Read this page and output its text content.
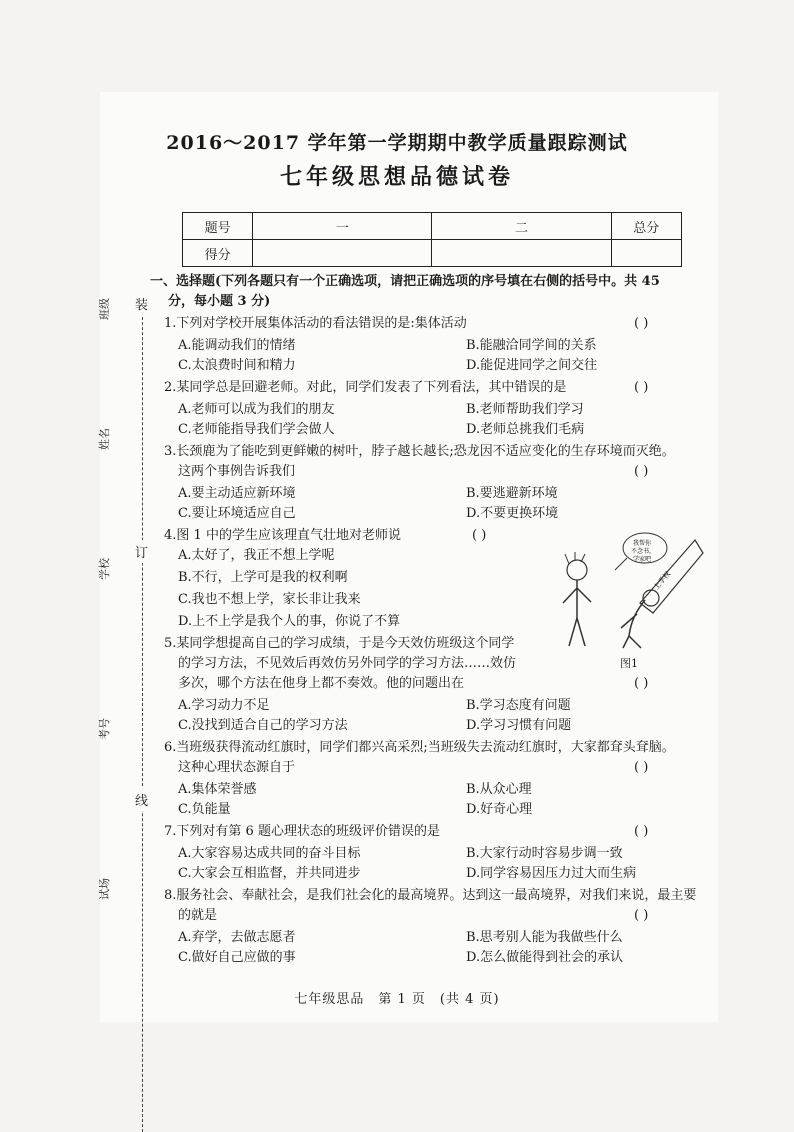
2016～2017 学年第一学期期中教学质量跟踪测试
七年级思想品德试卷
题号	一	二	总分
得分			
装
订
线
班级
姓名
学校
考号
试场
一、选择题(下列各题只有一个正确选项，请把正确选项的序号填在右侧的括号中。共 45
分，每小题 3 分)
1.下列对学校开展集体活动的看法错误的是:集体活动	( )
A.能调动我们的情绪	B.能融洽同学间的关系
C.太浪费时间和精力	D.能促进同学之间交往
2.某同学总是回避老师。对此，同学们发表了下列看法，其中错误的是	( )
A.老师可以成为我们的朋友	B.老师帮助我们学习
C.老师能指导我们学会做人	D.老师总挑我们毛病
3.长颈鹿为了能吃到更鲜嫩的树叶，脖子越长越长;恐龙因不适应变化的生存环境而灭绝。
这两个事例告诉我们	( )
A.要主动适应新环境	B.要逃避新环境
C.要让环境适应自己	D.不要更换环境
4.图 1 中的学生应该理直气壮地对老师说	( )
A.太好了，我正不想上学呢
B.不行，上学可是我的权利啊
C.我也不想上学，家长非让我来
D.上不上学是我个人的事，你说了不算
我帮你
不念书，
学家吧
上学权
图1
5.某同学想提高自己的学习成绩，于是今天效仿班级这个同学
的学习方法，不见效后再效仿另外同学的学习方法……效仿
多次，哪个方法在他身上都不奏效。他的问题出在	( )
A.学习动力不足	B.学习态度有问题
C.没找到适合自己的学习方法	D.学习习惯有问题
6.当班级获得流动红旗时，同学们都兴高采烈;当班级失去流动红旗时，大家都耷头耷脑。
这种心理状态源自于	( )
A.集体荣誉感	B.从众心理
C.负能量	D.好奇心理
7.下列对有第 6 题心理状态的班级评价错误的是	( )
A.大家容易达成共同的奋斗目标	B.大家行动时容易步调一致
C.大家会互相监督，并共同进步	D.同学容易因压力过大而生病
8.服务社会、奉献社会，是我们社会化的最高境界。达到这一最高境界，对我们来说，最主要
的就是	( )
A.弃学，去做志愿者	B.思考别人能为我做些什么
C.做好自己应做的事	D.怎么做能得到社会的承认
七年级思品　第 1 页　(共 4 页)
